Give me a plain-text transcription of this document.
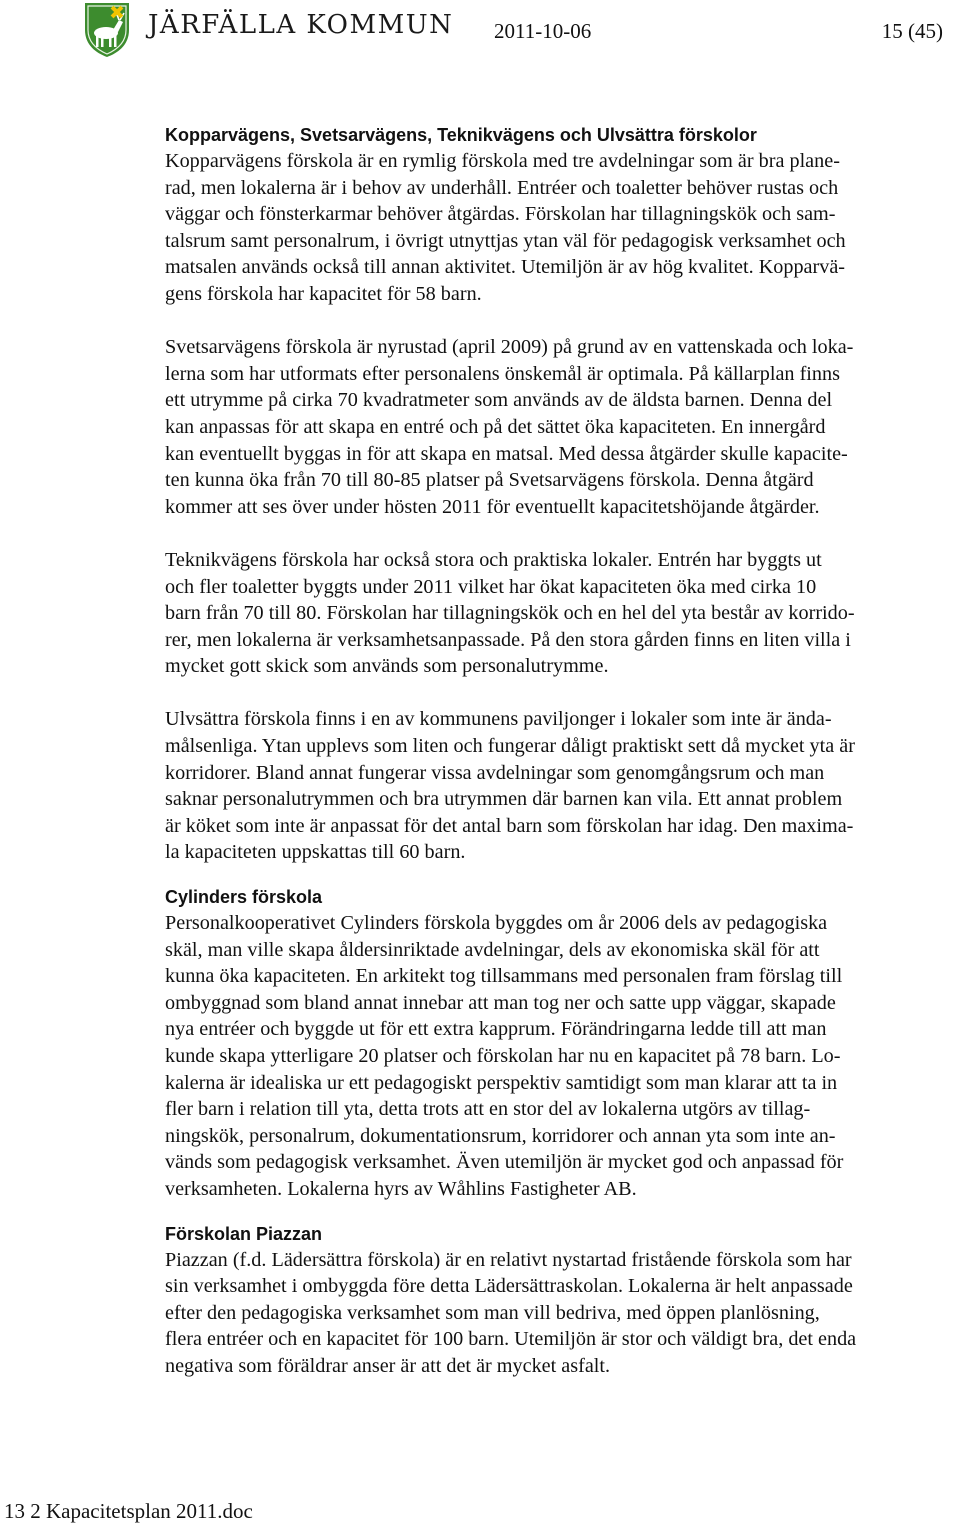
JÄRFÄLLA KOMMUN 2011-10-06	15 (45)
Kopparvägens, Svetsarvägens, Teknikvägens och Ulvsättra förskolor

Kopparvägens förskola är en rymlig förskola med tre avdelningar som är bra plane-
rad, men lokalerna är i behov av underhåll. Entréer och toaletter behöver rustas och
väggar och fönsterkarmar behöver åtgärdas. Förskolan har tillagningskök och sam-
talsrum samt personalrum, i övrigt utnyttjas ytan väl för pedagogisk verksamhet och
matsalen används också till annan aktivitet. Utemiljön är av hög kvalitet. Kopparvä-
gens förskola har kapacitet för 58 barn.

Svetsarvägens förskola är nyrustad (april 2009) på grund av en vattenskada och loka-
lerna som har utformats efter personalens önskemål är optimala. På källarplan finns
ett utrymme på cirka 70 kvadratmeter som används av de äldsta barnen. Denna del
kan anpassas för att skapa en entré och på det sättet öka kapaciteten. En innergård
kan eventuellt byggas in för att skapa en matsal. Med dessa åtgärder skulle kapacite-
ten kunna öka från 70 till 80-85 platser på Svetsarvägens förskola. Denna åtgärd
kommer att ses över under hösten 2011 för eventuellt kapacitetshöjande åtgärder.

Teknikvägens förskola har också stora och praktiska lokaler. Entrén har byggts ut
och fler toaletter byggts under 2011 vilket har ökat kapaciteten öka med cirka 10
barn från 70 till 80. Förskolan har tillagningskök och en hel del yta består av korrido-
rer, men lokalerna är verksamhetsanpassade. På den stora gården finns en liten villa i
mycket gott skick som används som personalutrymme.

Ulvsättra förskola finns i en av kommunens paviljonger i lokaler som inte är ända-
målsenliga. Ytan upplevs som liten och fungerar dåligt praktiskt sett då mycket yta är
korridorer. Bland annat fungerar vissa avdelningar som genomgångsrum och man
saknar personalutrymmen och bra utrymmen där barnen kan vila. Ett annat problem
är köket som inte är anpassat för det antal barn som förskolan har idag. Den maxima-
la kapaciteten uppskattas till 60 barn.

Cylinders förskola

Personalkooperativet Cylinders förskola byggdes om år 2006 dels av pedagogiska
skäl, man ville skapa åldersinriktade avdelningar, dels av ekonomiska skäl för att
kunna öka kapaciteten. En arkitekt tog tillsammans med personalen fram förslag till
ombyggnad som bland annat innebar att man tog ner och satte upp väggar, skapade
nya entréer och byggde ut för ett extra kapprum. Förändringarna ledde till att man
kunde skapa ytterligare 20 platser och förskolan har nu en kapacitet på 78 barn. Lo-
kalerna är idealiska ur ett pedagogiskt perspektiv samtidigt som man klarar att ta in
fler barn i relation till yta, detta trots att en stor del av lokalerna utgörs av tillag-
ningskök, personalrum, dokumentationsrum, korridorer och annan yta som inte an-
vänds som pedagogisk verksamhet. Även utemiljön är mycket god och anpassad för
verksamheten. Lokalerna hyrs av Wåhlins Fastigheter AB.

Förskolan Piazzan

Piazzan (f.d. Lädersättra förskola) är en relativt nystartad fristående förskola som har
sin verksamhet i ombyggda före detta Lädersättraskolan. Lokalerna är helt anpassade
efter den pedagogiska verksamhet som man vill bedriva, med öppen planlösning,
flera entréer och en kapacitet för 100 barn. Utemiljön är stor och väldigt bra, det enda
negativa som föräldrar anser är att det är mycket asfalt.

13 2 Kapacitetsplan 2011.doc
